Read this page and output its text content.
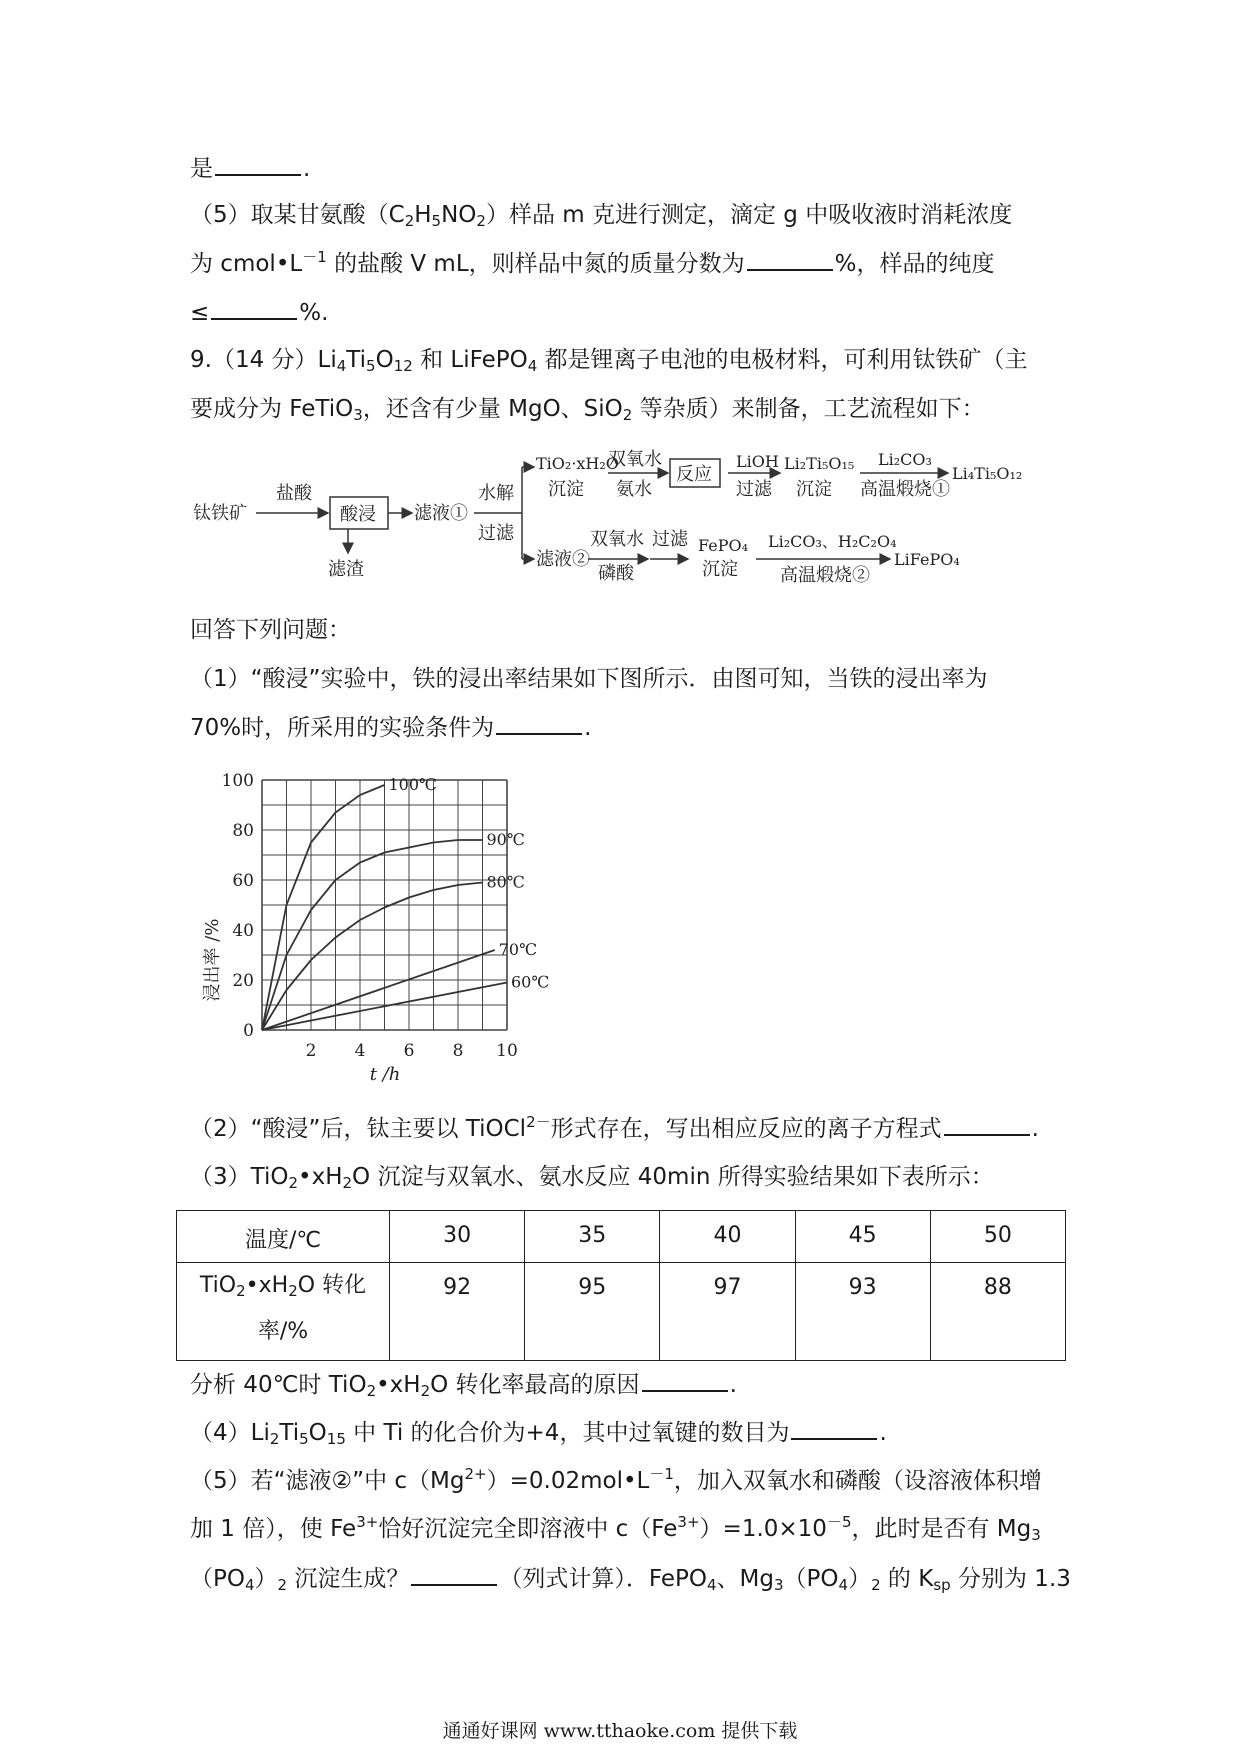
是	.
（5）取某甘氨酸$(C_2H_5NO_2)$样品 m 克进行测定，滴定 g 中吸收液时消耗浓度
为 $cmol•L^{-1}$ 的盐酸 V mL，则样品中氮的质量分数为	%，样品的纯度
≤	%.
9.（14 分）$Li_4Ti_5O_{12}$ 和 LiFePO$_4$ 都是锂离子电池的电极材料，可利用钛铁矿（主
要成分为 FeTiO$_3$，还含有少量 MgO、SiO$_2$ 等杂质）来制备，工艺流程如下：
钛铁矿
盐酸
酸浸
滤渣
滤液①
水解
过滤
TiO₂·xH₂O
沉淀
双氧水
氨水
反应
LiOH
过滤
Li₂Ti₅O₁₅
沉淀
Li₂CO₃
高温煅烧①
Li₄Ti₅O₁₂
滤液②
双氧水
磷酸
过滤 FePO₄
沉淀
Li₂CO₃、H₂C₂O₄
高温煅烧②
LiFePO₄
回答下列问题：
（1）“酸浸”实验中，铁的浸出率结果如下图所示．由图可知，当铁的浸出率为
70%时，所采用的实验条件为	.
2 4 6 8 10
0
20
40
60
80
100	100℃
90℃
80℃
70℃
60℃
浸出率 /%
t /h
（2）“酸浸”后，钛主要以 TiOCl$^{2-}$形式存在，写出相应反应的离子方程式	.
$(3)TiO_2•xH_2O$ 沉淀与双氧水、氨水反应 40min 所得实验结果如下表所示：
温度/℃	30	35	40	45	50
$TiO_2•xH_2O$ 转化
率/%	92	95	97	93	88
分析 40℃时 $TiO_2•xH_2O$ 转化率最高的原因	.
$(4)Li_2Ti_5O_{15}$ 中 Ti 的化合价为+4，其中过氧键的数目为	.
（5）若“滤液②”中 $c(Mg^{2+})=0.02mol•L^{-1}$，加入双氧水和磷酸（设溶液体积增
加 1 倍），使 $Fe^{3+}$恰好沉淀完全即溶液中 $c(Fe^{3+})=1.0\times 10^{-5}$，此时是否有 $Mg_3$
$(PO_4)_2$ 沉淀生成？	（列式计算）．FePO$_4$、$Mg_3(PO_4)_2$ 的 $K_{sp}$ 分别为 1.3
通通好课网 www.tthaoke.com 提供下载
